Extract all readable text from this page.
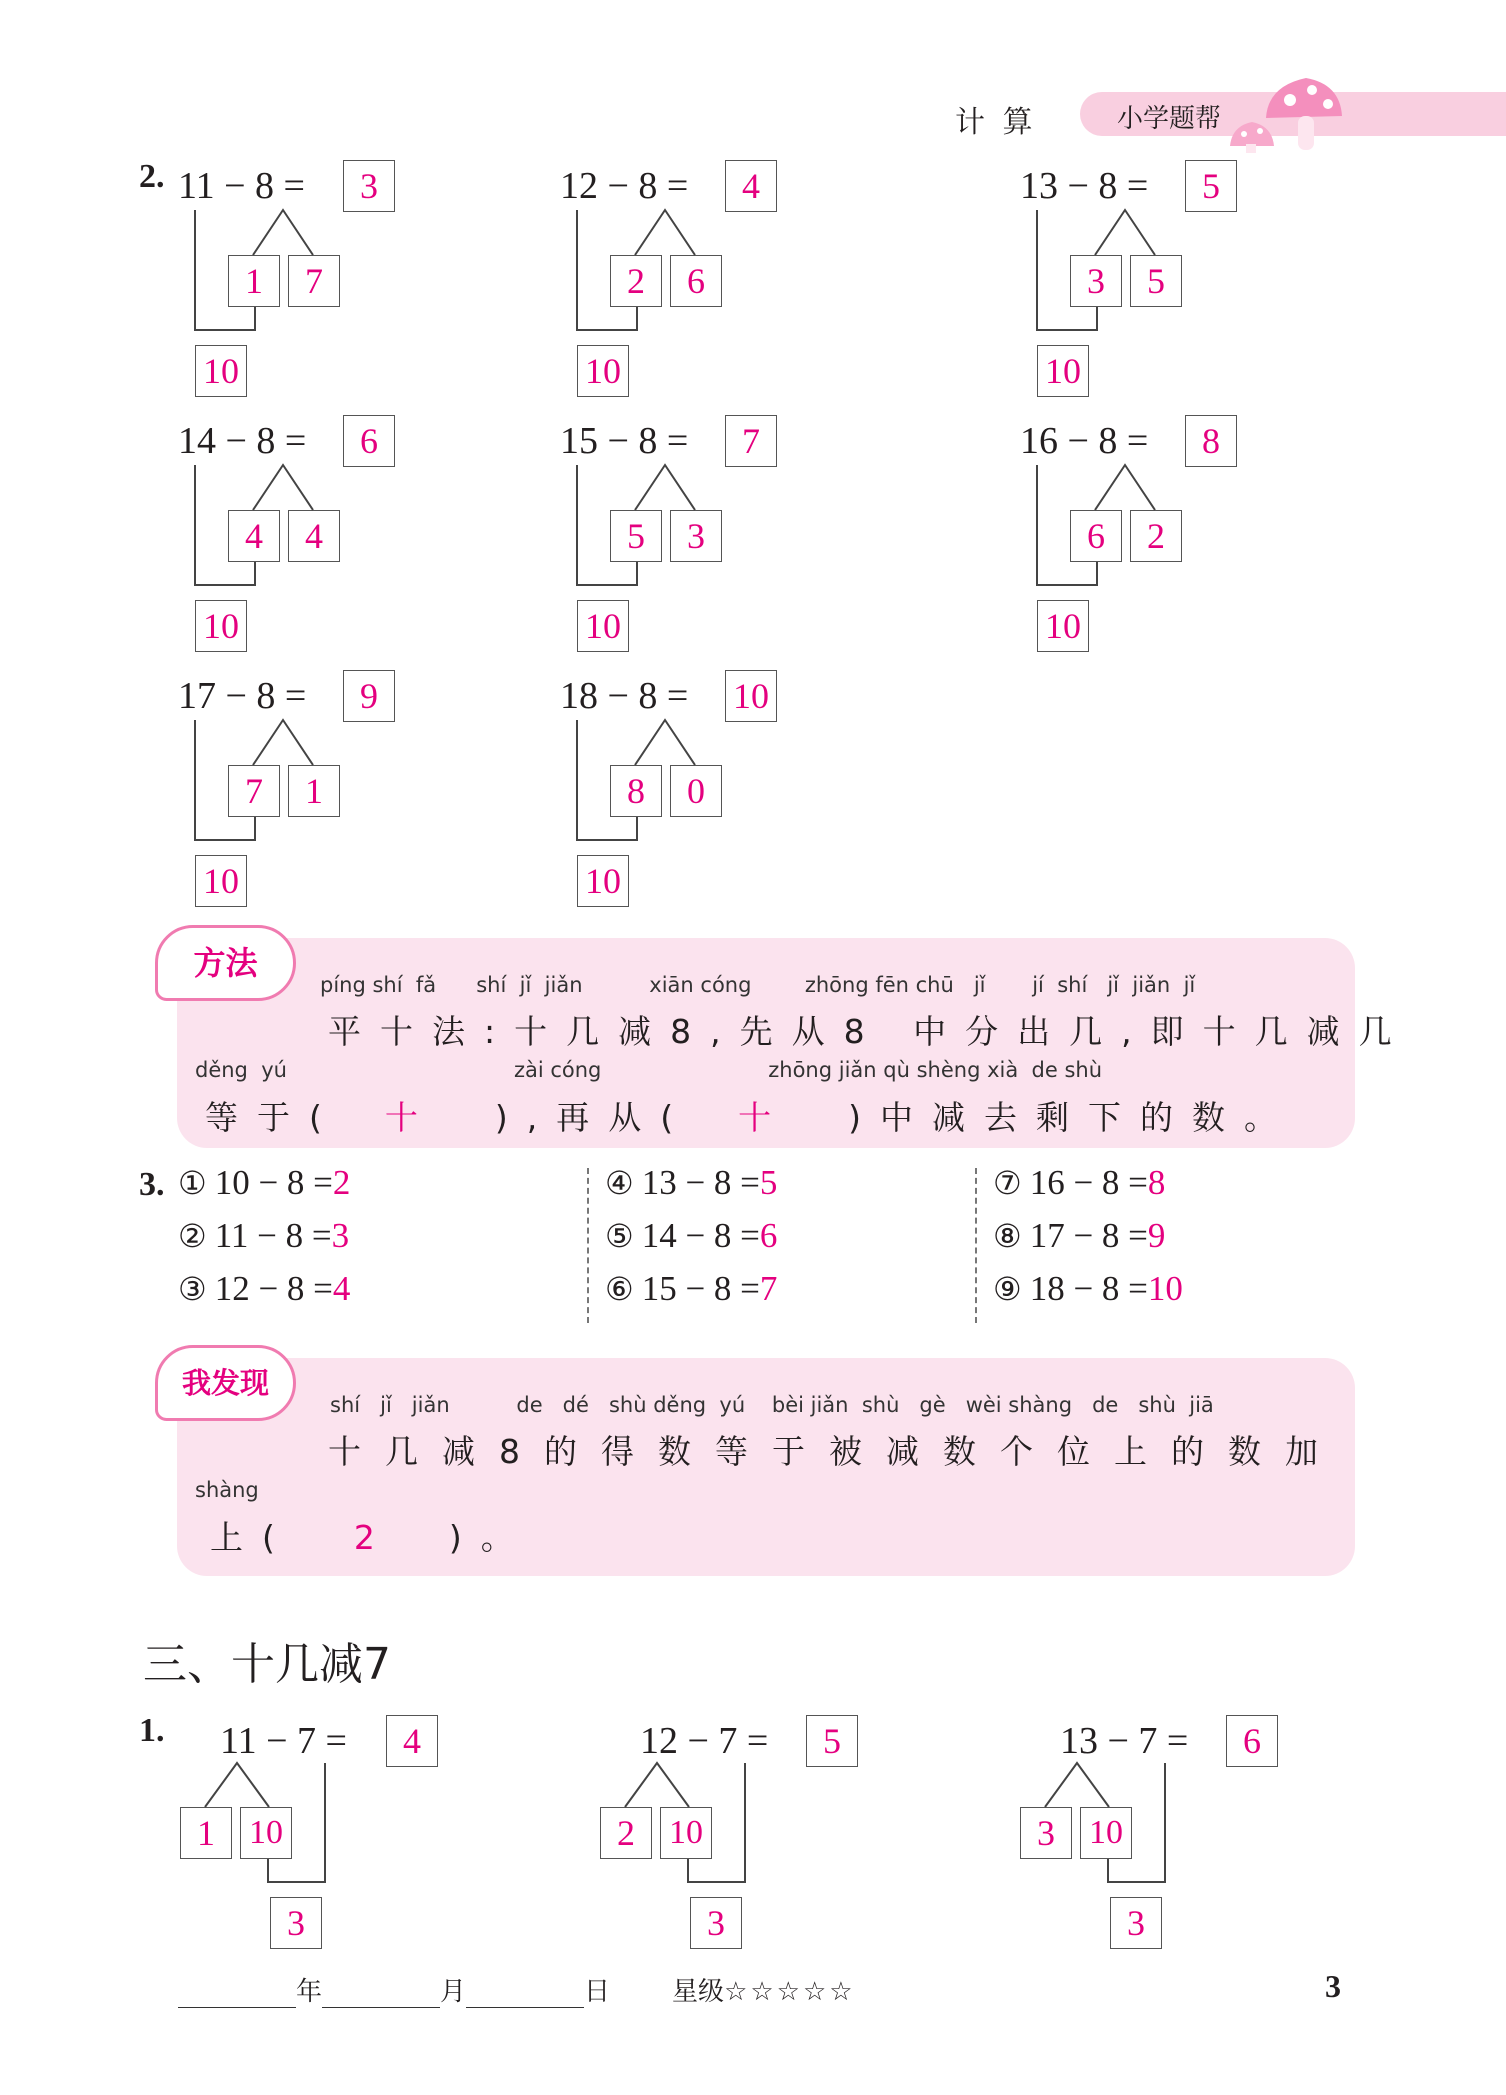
计 算	小学题帮
2. 11 − 8 =	3
1	7
10
12 − 8 =	4
2	6
10
13 − 8 =	5
3	5
10
14 − 8 =	6
4	4
10
15 − 8 =	7
5	3
10
16 − 8 =	8
6	2
10
17 − 8 =	9
7	1
10
18 − 8 = 10
8	0
10
方法
píng shí  fǎ      shí  jǐ  jiǎn          xiān cóng        zhōng fēn chū   jǐ       jí  shí   jǐ  jiǎn  jǐ
平十法:十几减8,先从8 中分出几,即十几减几
děng  yú                                  zài cóng                         zhōng jiǎn qù shèng xià  de shù
等于( 十 ),再从( 十 )中减去剩下的数。
3. ① 10 − 8 =2
② 11 − 8 =3
③ 12 − 8 =4
④ 13 − 8 =5
⑤ 14 − 8 =6
⑥ 15 − 8 =7
⑦ 16 − 8 =8
⑧ 17 − 8 =9
⑨ 18 − 8 =10
我发现
shí   jǐ   jiǎn          de   dé   shù děng  yú    bèi jiǎn  shù   gè   wèi shàng   de   shù  jiā
十几减8的得数等于被减数个位上的数加
shàng
上( 2 )。
三、十几减7
1. 11 − 7 =	4
1	10
3
12 − 7 =	5
2	10
3
13 − 7 =	6
3	10
3
年	月	日 星级☆☆☆☆☆	3
